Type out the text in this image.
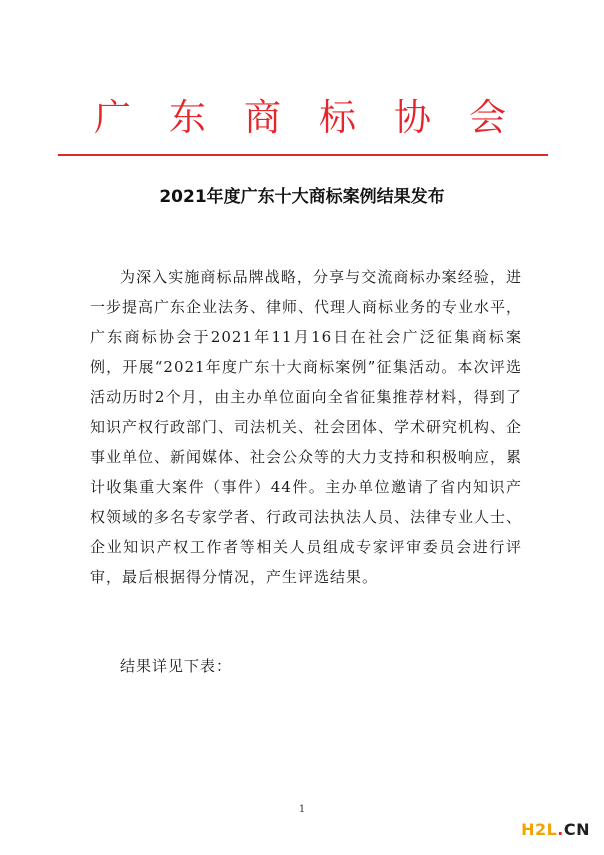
广东商标协会
2021年度广东十大商标案例结果发布

为深入实施商标品牌战略，分享与交流商标办案经验，进一步提高广东企业法务、律师、代理人商标业务的专业水平，广东商标协会于2021年11月16日在社会广泛征集商标案例，开展“2021年度广东十大商标案例”征集活动。本次评选活动历时2个月，由主办单位面向全省征集推荐材料，得到了知识产权行政部门、司法机关、社会团体、学术研究机构、企事业单位、新闻媒体、社会公众等的大力支持和积极响应，累计收集重大案件（事件）44件。主办单位邀请了省内知识产权领域的多名专家学者、行政司法执法人员、法律专业人士、企业知识产权工作者等相关人员组成专家评审委员会进行评审，最后根据得分情况，产生评选结果。

结果详见下表：

1
H2L.CN
